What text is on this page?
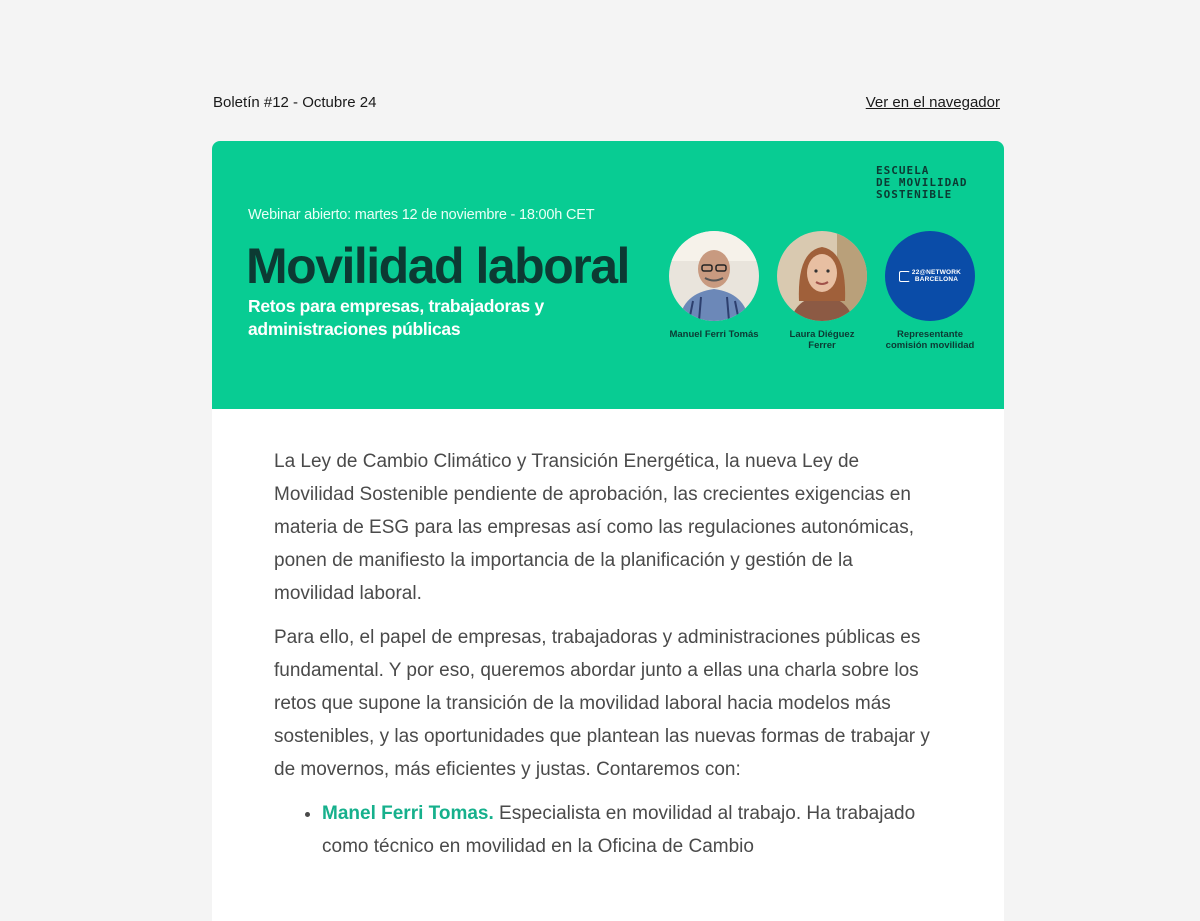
Boletín #12 - Octubre 24	Ver en el navegador
ESCUELA
DE MOVILIDAD
SOSTENIBLE
Webinar abierto: martes 12 de noviembre - 18:00h CET
Movilidad laboral
Retos para empresas, trabajadoras y administraciones públicas	Manuel Ferri Tomás	Laura Diéguez Ferrer
22@NETWORK
BARCELONA
Representante comisión movilidad

La Ley de Cambio Climático y Transición Energética, la nueva Ley de Movilidad Sostenible pendiente de aprobación, las crecientes exigencias en materia de ESG para las empresas así como las regulaciones autonómicas, ponen de manifiesto la importancia de la planificación y gestión de la movilidad laboral.

Para ello, el papel de empresas, trabajadoras y administraciones públicas es fundamental. Y por eso, queremos abordar junto a ellas una charla sobre los retos que supone la transición de la movilidad laboral hacia modelos más sostenibles, y las oportunidades que plantean las nuevas formas de trabajar y de movernos, más eficientes y justas. Contaremos con:

• Manel Ferri Tomas. Especialista en movilidad al trabajo. Ha trabajado como técnico en movilidad en la Oficina de Cambio
